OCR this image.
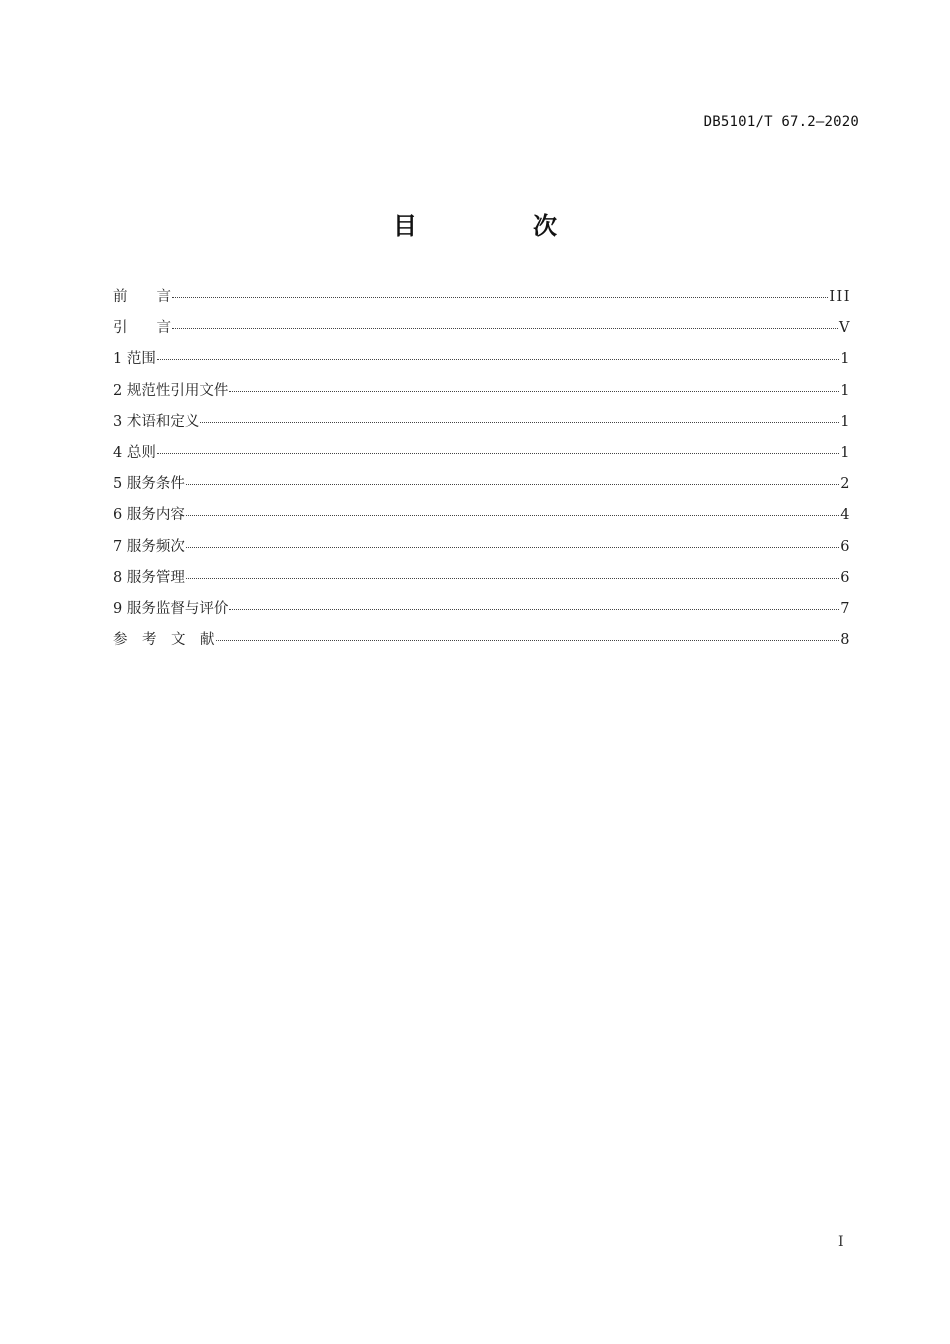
DB5101/T 67.2—2020
目　次
前　　言	III
引　　言	V
1 范围	1
2 规范性引用文件	1
3 术语和定义	1
4 总则	1
5 服务条件	2
6 服务内容	4
7 服务频次	6
8 服务管理	6
9 服务监督与评价	7
参　考　文　献	8
I
